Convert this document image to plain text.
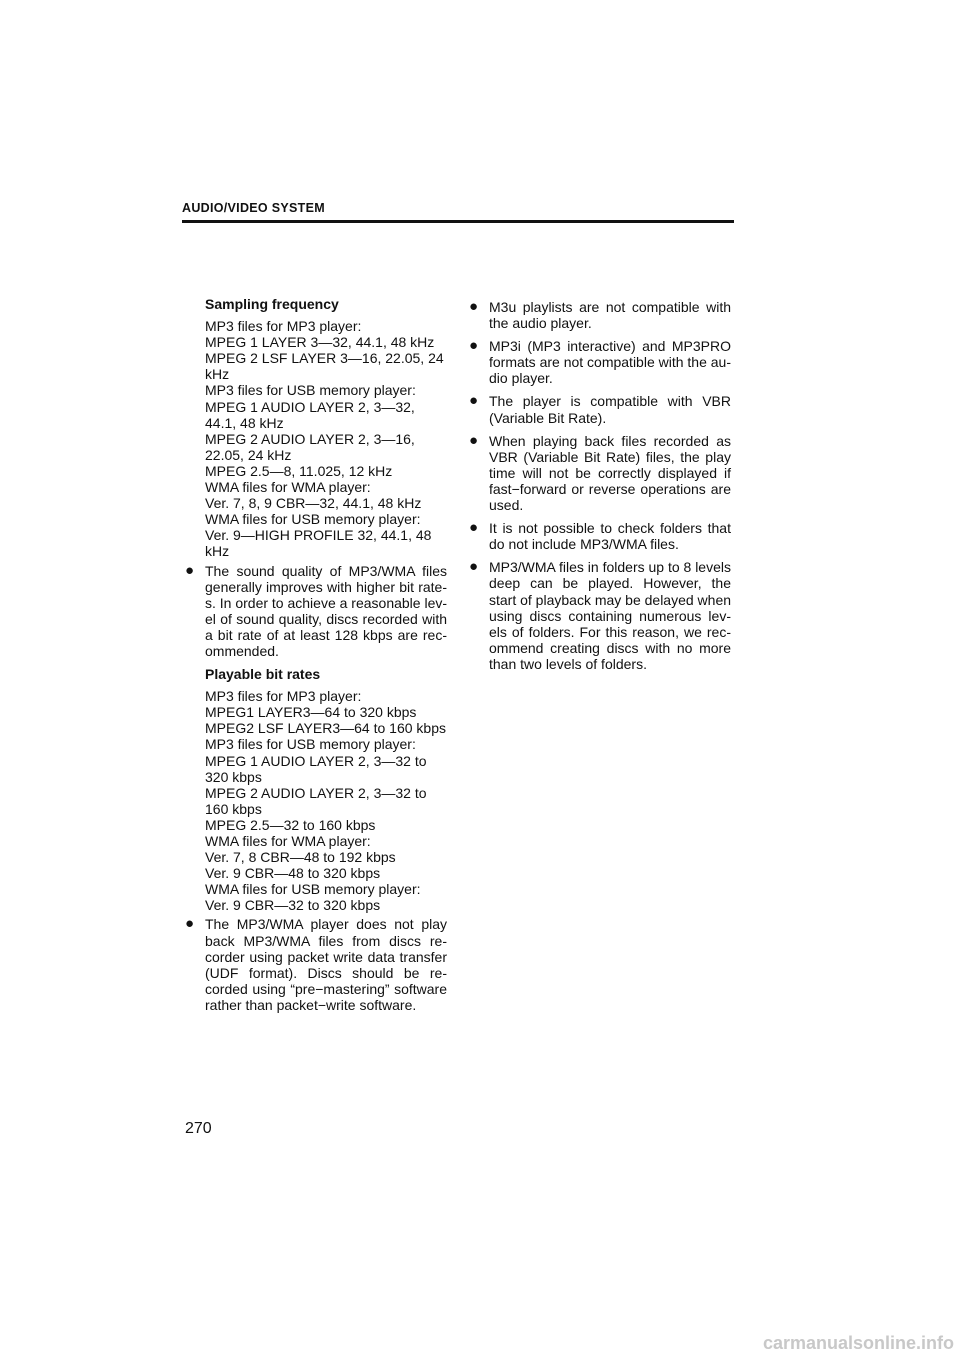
AUDIO/VIDEO SYSTEM
Sampling frequency
MP3 files for MP3 player:
MPEG 1 LAYER 3—32, 44.1, 48 kHz
MPEG 2 LSF LAYER 3—16, 22.05, 24
kHz
MP3 files for USB memory player:
MPEG 1 AUDIO LAYER 2, 3—32,
44.1, 48 kHz
MPEG 2 AUDIO LAYER 2, 3—16,
22.05, 24 kHz
MPEG 2.5—8, 11.025, 12 kHz
WMA files for WMA player:
Ver. 7, 8, 9 CBR—32, 44.1, 48 kHz
WMA files for USB memory player:
Ver. 9—HIGH PROFILE 32, 44.1, 48
kHz
● The sound quality of MP3/WMA files
generally improves with higher bit rate-
s. In order to achieve a reasonable lev-
el of sound quality, discs recorded with
a bit rate of at least 128 kbps are rec-
ommended.
Playable bit rates
MP3 files for MP3 player:
MPEG1 LAYER3—64 to 320 kbps
MPEG2 LSF LAYER3—64 to 160 kbps
MP3 files for USB memory player:
MPEG 1 AUDIO LAYER 2, 3—32 to
320 kbps
MPEG 2 AUDIO LAYER 2, 3—32 to
160 kbps
MPEG 2.5—32 to 160 kbps
WMA files for WMA player:
Ver. 7, 8 CBR—48 to 192 kbps
Ver. 9 CBR—48 to 320 kbps
WMA files for USB memory player:
Ver. 9 CBR—32 to 320 kbps
● The MP3/WMA player does not play
back MP3/WMA files from discs re-
corder using packet write data transfer
(UDF format). Discs should be re-
corded using “pre−mastering” software
rather than packet−write software.
● M3u playlists are not compatible with
the audio player.
● MP3i (MP3 interactive) and MP3PRO
formats are not compatible with the au-
dio player.
● The player is compatible with VBR
(Variable Bit Rate).
● When playing back files recorded as
VBR (Variable Bit Rate) files, the play
time will not be correctly displayed if
fast−forward or reverse operations are
used.
● It is not possible to check folders that
do not include MP3/WMA files.
● MP3/WMA files in folders up to 8 levels
deep can be played. However, the
start of playback may be delayed when
using discs containing numerous lev-
els of folders. For this reason, we rec-
ommend creating discs with no more
than two levels of folders.
270
carmanualsonline.info
